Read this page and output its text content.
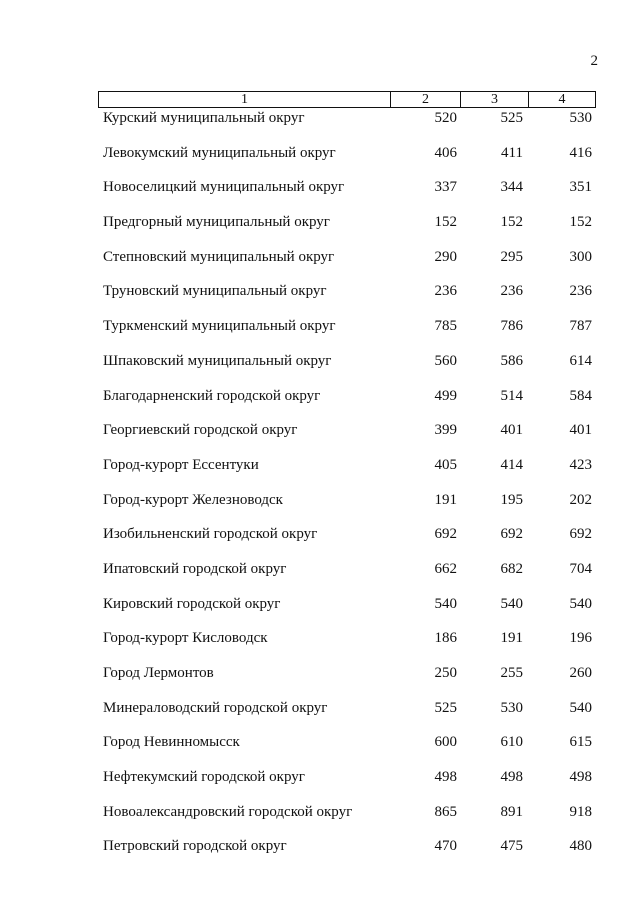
2
1	2	3	4
Курский муниципальный округ	520	525	530
Левокумский муниципальный округ	406	411	416
Новоселицкий муниципальный округ	337	344	351
Предгорный муниципальный округ	152	152	152
Степновский муниципальный округ	290	295	300
Труновский муниципальный округ	236	236	236
Туркменский муниципальный округ	785	786	787
Шпаковский муниципальный округ	560	586	614
Благодарненский городской округ	499	514	584
Георгиевский городской округ	399	401	401
Город-курорт Ессентуки	405	414	423
Город-курорт Железноводск	191	195	202
Изобильненский городской округ	692	692	692
Ипатовский городской округ	662	682	704
Кировский городской округ	540	540	540
Город-курорт Кисловодск	186	191	196
Город Лермонтов	250	255	260
Минераловодский городской округ	525	530	540
Город Невинномысск	600	610	615
Нефтекумский городской округ	498	498	498
Новоалександровский городской округ	865	891	918
Петровский городской округ	470	475	480
